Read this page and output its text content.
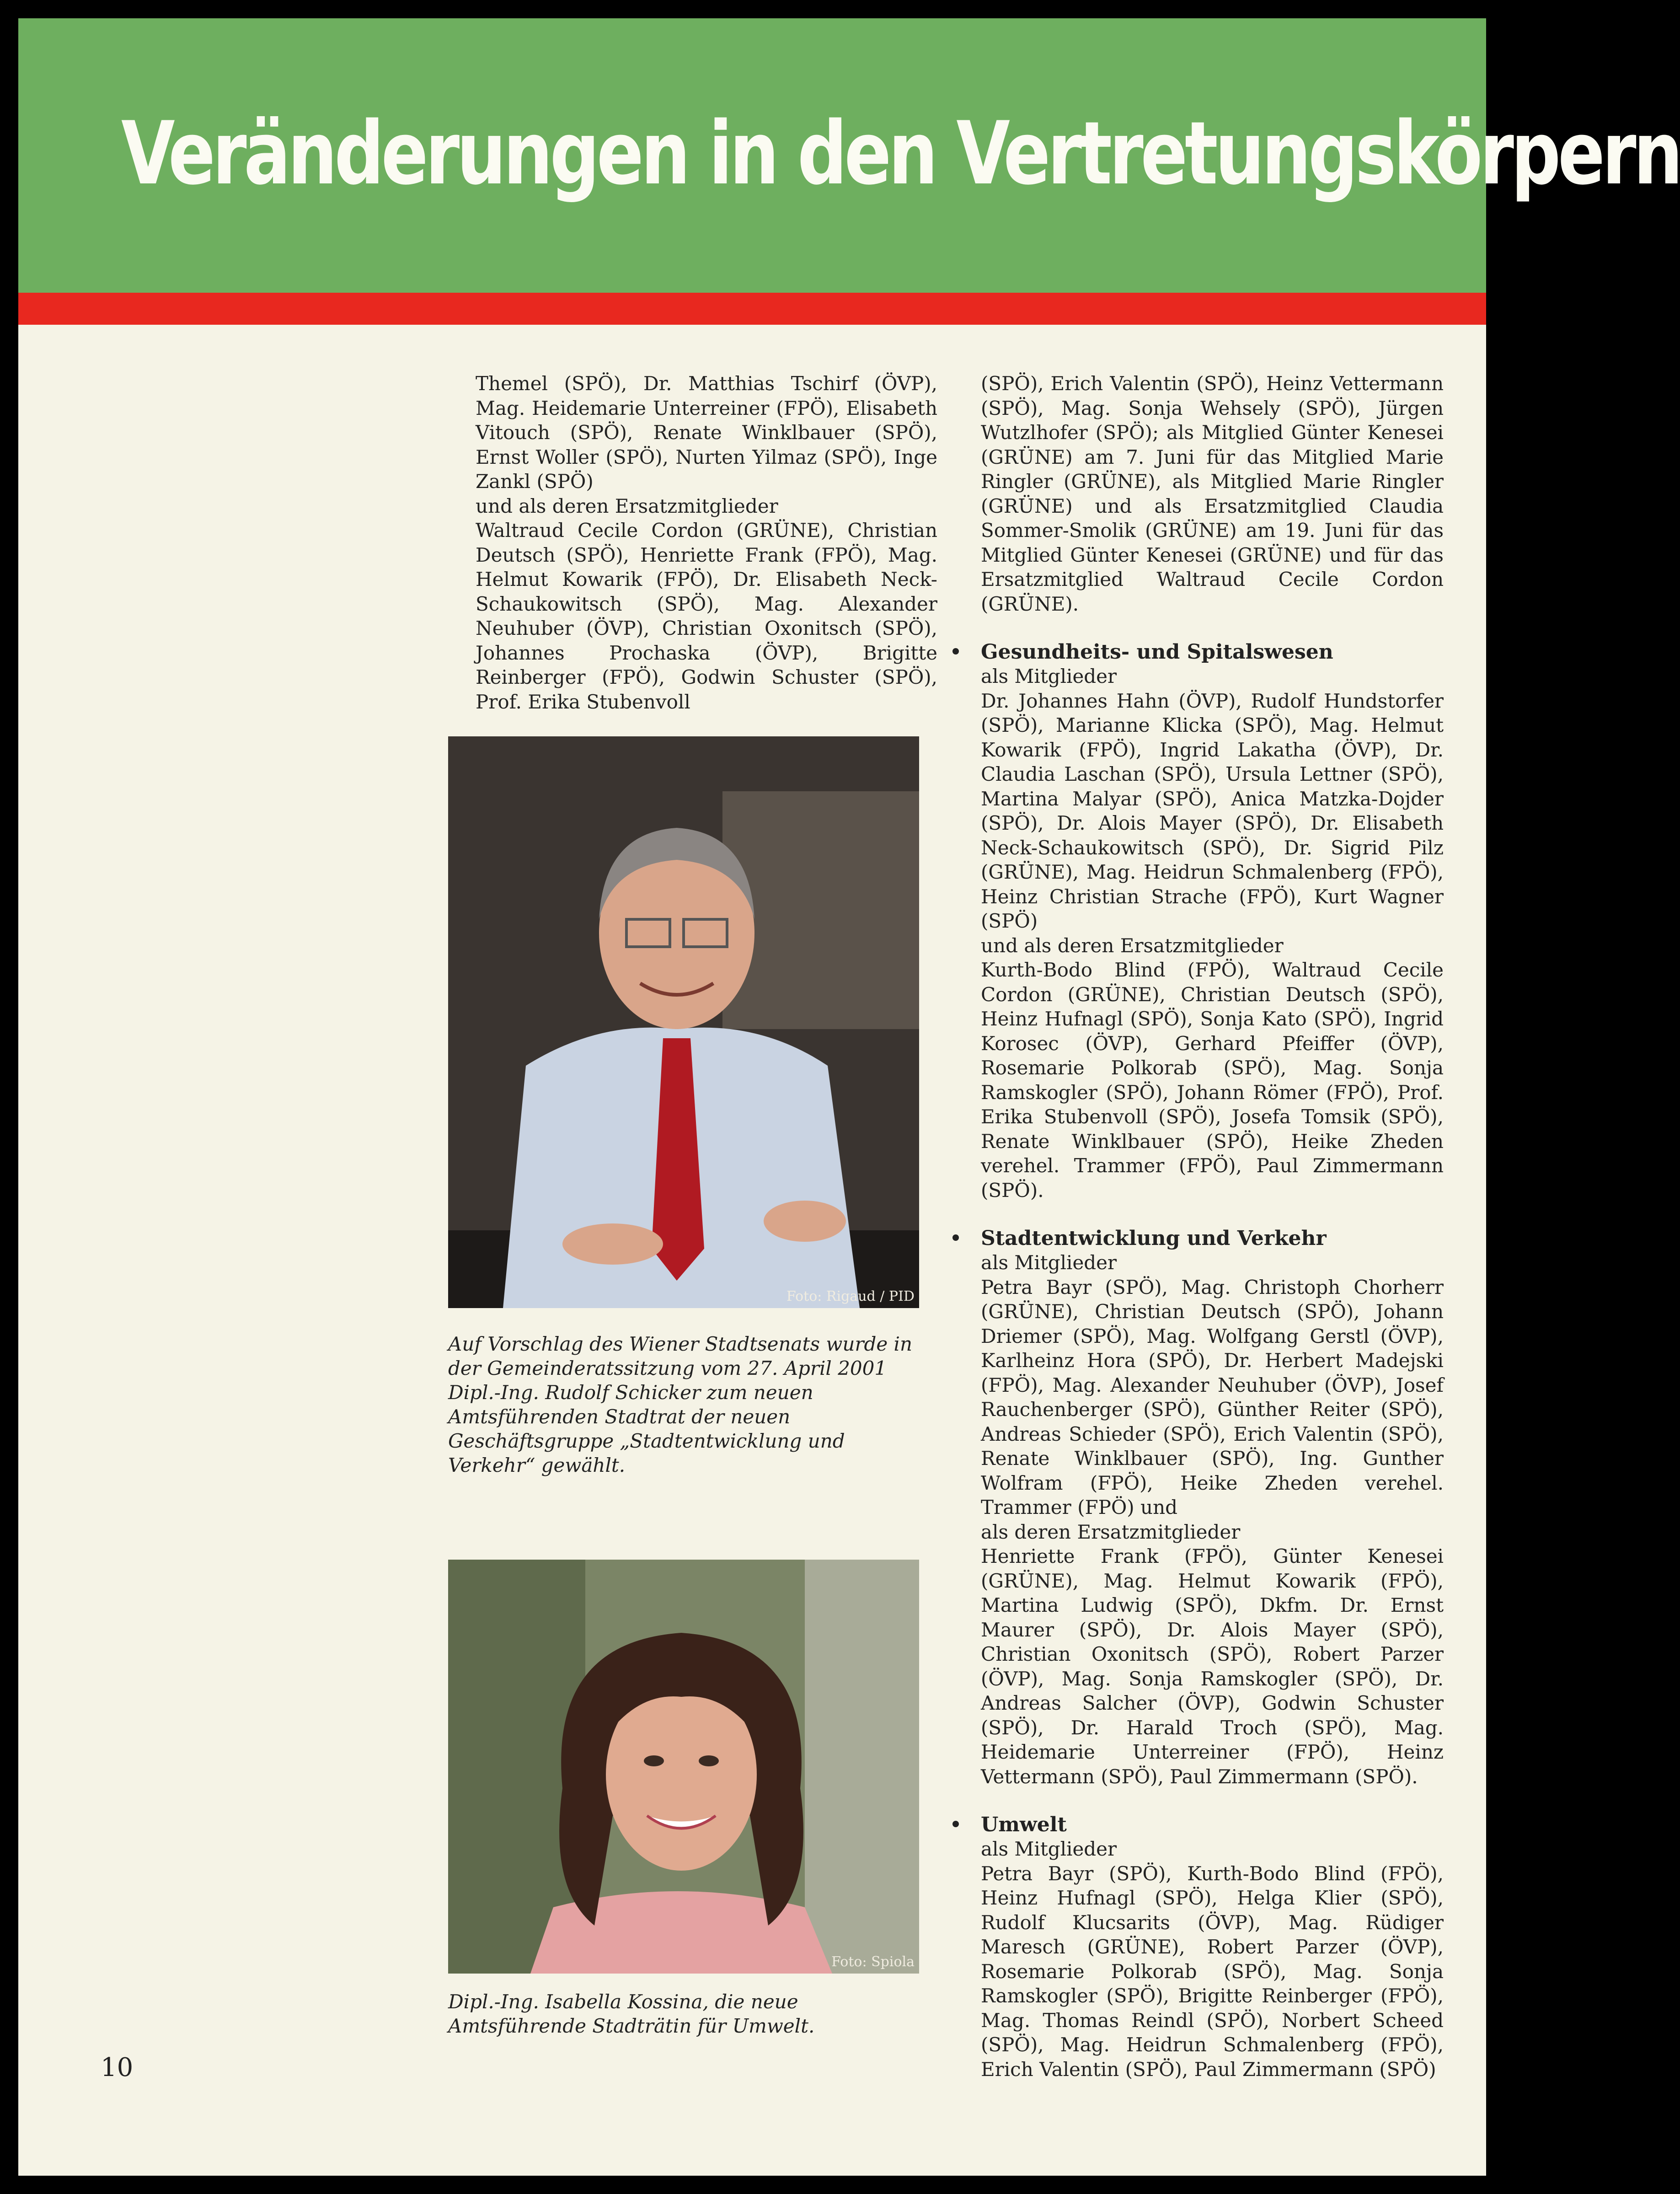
Veränderungen in den Vertretungskörpern

Themel (SPÖ), Dr. Matthias Tschirf (ÖVP), Mag. Heidemarie Unterreiner (FPÖ), Elisabeth Vitouch (SPÖ), Renate Winklbauer (SPÖ), Ernst Woller (SPÖ), Nurten Yilmaz (SPÖ), Inge Zankl (SPÖ)

und als deren Ersatzmitglieder

Waltraud Cecile Cordon (GRÜNE), Christian Deutsch (SPÖ), Henriette Frank (FPÖ), Mag. Helmut Kowarik (FPÖ), Dr. Elisabeth Neck-Schaukowitsch (SPÖ), Mag. Alexander Neuhuber (ÖVP), Christian Oxonitsch (SPÖ), Johannes Prochaska (ÖVP), Brigitte Reinberger (FPÖ), Godwin Schuster (SPÖ), Prof. Erika Stubenvoll

Foto: Rigaud / PID
Auf Vorschlag des Wiener Stadtsenats wurde in der Gemeinderatssitzung vom 27. April 2001 Dipl.-Ing. Rudolf Schicker zum neuen Amtsführenden Stadtrat der neuen Geschäftsgruppe „Stadtentwicklung und Verkehr“ gewählt.
Foto: Spiola
Dipl.-Ing. Isabella Kossina, die neue Amtsführende Stadträtin für Umwelt.

(SPÖ), Erich Valentin (SPÖ), Heinz Vettermann (SPÖ), Mag. Sonja Wehsely (SPÖ), Jürgen Wutzlhofer (SPÖ); als Mitglied Günter Kenesei (GRÜNE) am 7. Juni für das Mitglied Marie Ringler (GRÜNE), als Mitglied Marie Ringler (GRÜNE) und als Ersatzmitglied Claudia Sommer-Smolik (GRÜNE) am 19. Juni für das Mitglied Günter Kenesei (GRÜNE) und für das Ersatzmitglied Waltraud Cecile Cordon (GRÜNE).

Gesundheits- und Spitalswesen

als Mitglieder

Dr. Johannes Hahn (ÖVP), Rudolf Hundstorfer (SPÖ), Marianne Klicka (SPÖ), Mag. Helmut Kowarik (FPÖ), Ingrid Lakatha (ÖVP), Dr. Claudia Laschan (SPÖ), Ursula Lettner (SPÖ), Martina Malyar (SPÖ), Anica Matzka-Dojder (SPÖ), Dr. Alois Mayer (SPÖ), Dr. Elisabeth Neck-Schaukowitsch (SPÖ), Dr. Sigrid Pilz (GRÜNE), Mag. Heidrun Schmalenberg (FPÖ), Heinz Christian Strache (FPÖ), Kurt Wagner (SPÖ)

und als deren Ersatzmitglieder

Kurth-Bodo Blind (FPÖ), Waltraud Cecile Cordon (GRÜNE), Christian Deutsch (SPÖ), Heinz Hufnagl (SPÖ), Sonja Kato (SPÖ), Ingrid Korosec (ÖVP), Gerhard Pfeiffer (ÖVP), Rosemarie Polkorab (SPÖ), Mag. Sonja Ramskogler (SPÖ), Johann Römer (FPÖ), Prof. Erika Stubenvoll (SPÖ), Josefa Tomsik (SPÖ), Renate Winklbauer (SPÖ), Heike Zheden verehel. Trammer (FPÖ), Paul Zimmermann (SPÖ).

Stadtentwicklung und Verkehr

als Mitglieder

Petra Bayr (SPÖ), Mag. Christoph Chorherr (GRÜNE), Christian Deutsch (SPÖ), Johann Driemer (SPÖ), Mag. Wolfgang Gerstl (ÖVP), Karlheinz Hora (SPÖ), Dr. Herbert Madejski (FPÖ), Mag. Alexander Neuhuber (ÖVP), Josef Rauchenberger (SPÖ), Günther Reiter (SPÖ), Andreas Schieder (SPÖ), Erich Valentin (SPÖ), Renate Winklbauer (SPÖ), Ing. Gunther Wolfram (FPÖ), Heike Zheden verehel. Trammer (FPÖ) und

als deren Ersatzmitglieder

Henriette Frank (FPÖ), Günter Kenesei (GRÜNE), Mag. Helmut Kowarik (FPÖ), Martina Ludwig (SPÖ), Dkfm. Dr. Ernst Maurer (SPÖ), Dr. Alois Mayer (SPÖ), Christian Oxonitsch (SPÖ), Robert Parzer (ÖVP), Mag. Sonja Ramskogler (SPÖ), Dr. Andreas Salcher (ÖVP), Godwin Schuster (SPÖ), Dr. Harald Troch (SPÖ), Mag. Heidemarie Unterreiner (FPÖ), Heinz Vettermann (SPÖ), Paul Zimmermann (SPÖ).

Umwelt

als Mitglieder

Petra Bayr (SPÖ), Kurth-Bodo Blind (FPÖ), Heinz Hufnagl (SPÖ), Helga Klier (SPÖ), Rudolf Klucsarits (ÖVP), Mag. Rüdiger Maresch (GRÜNE), Robert Parzer (ÖVP), Rosemarie Polkorab (SPÖ), Mag. Sonja Ramskogler (SPÖ), Brigitte Reinberger (FPÖ), Mag. Thomas Reindl (SPÖ), Norbert Scheed (SPÖ), Mag. Heidrun Schmalenberg (FPÖ), Erich Valentin (SPÖ), Paul Zimmermann (SPÖ)

10
